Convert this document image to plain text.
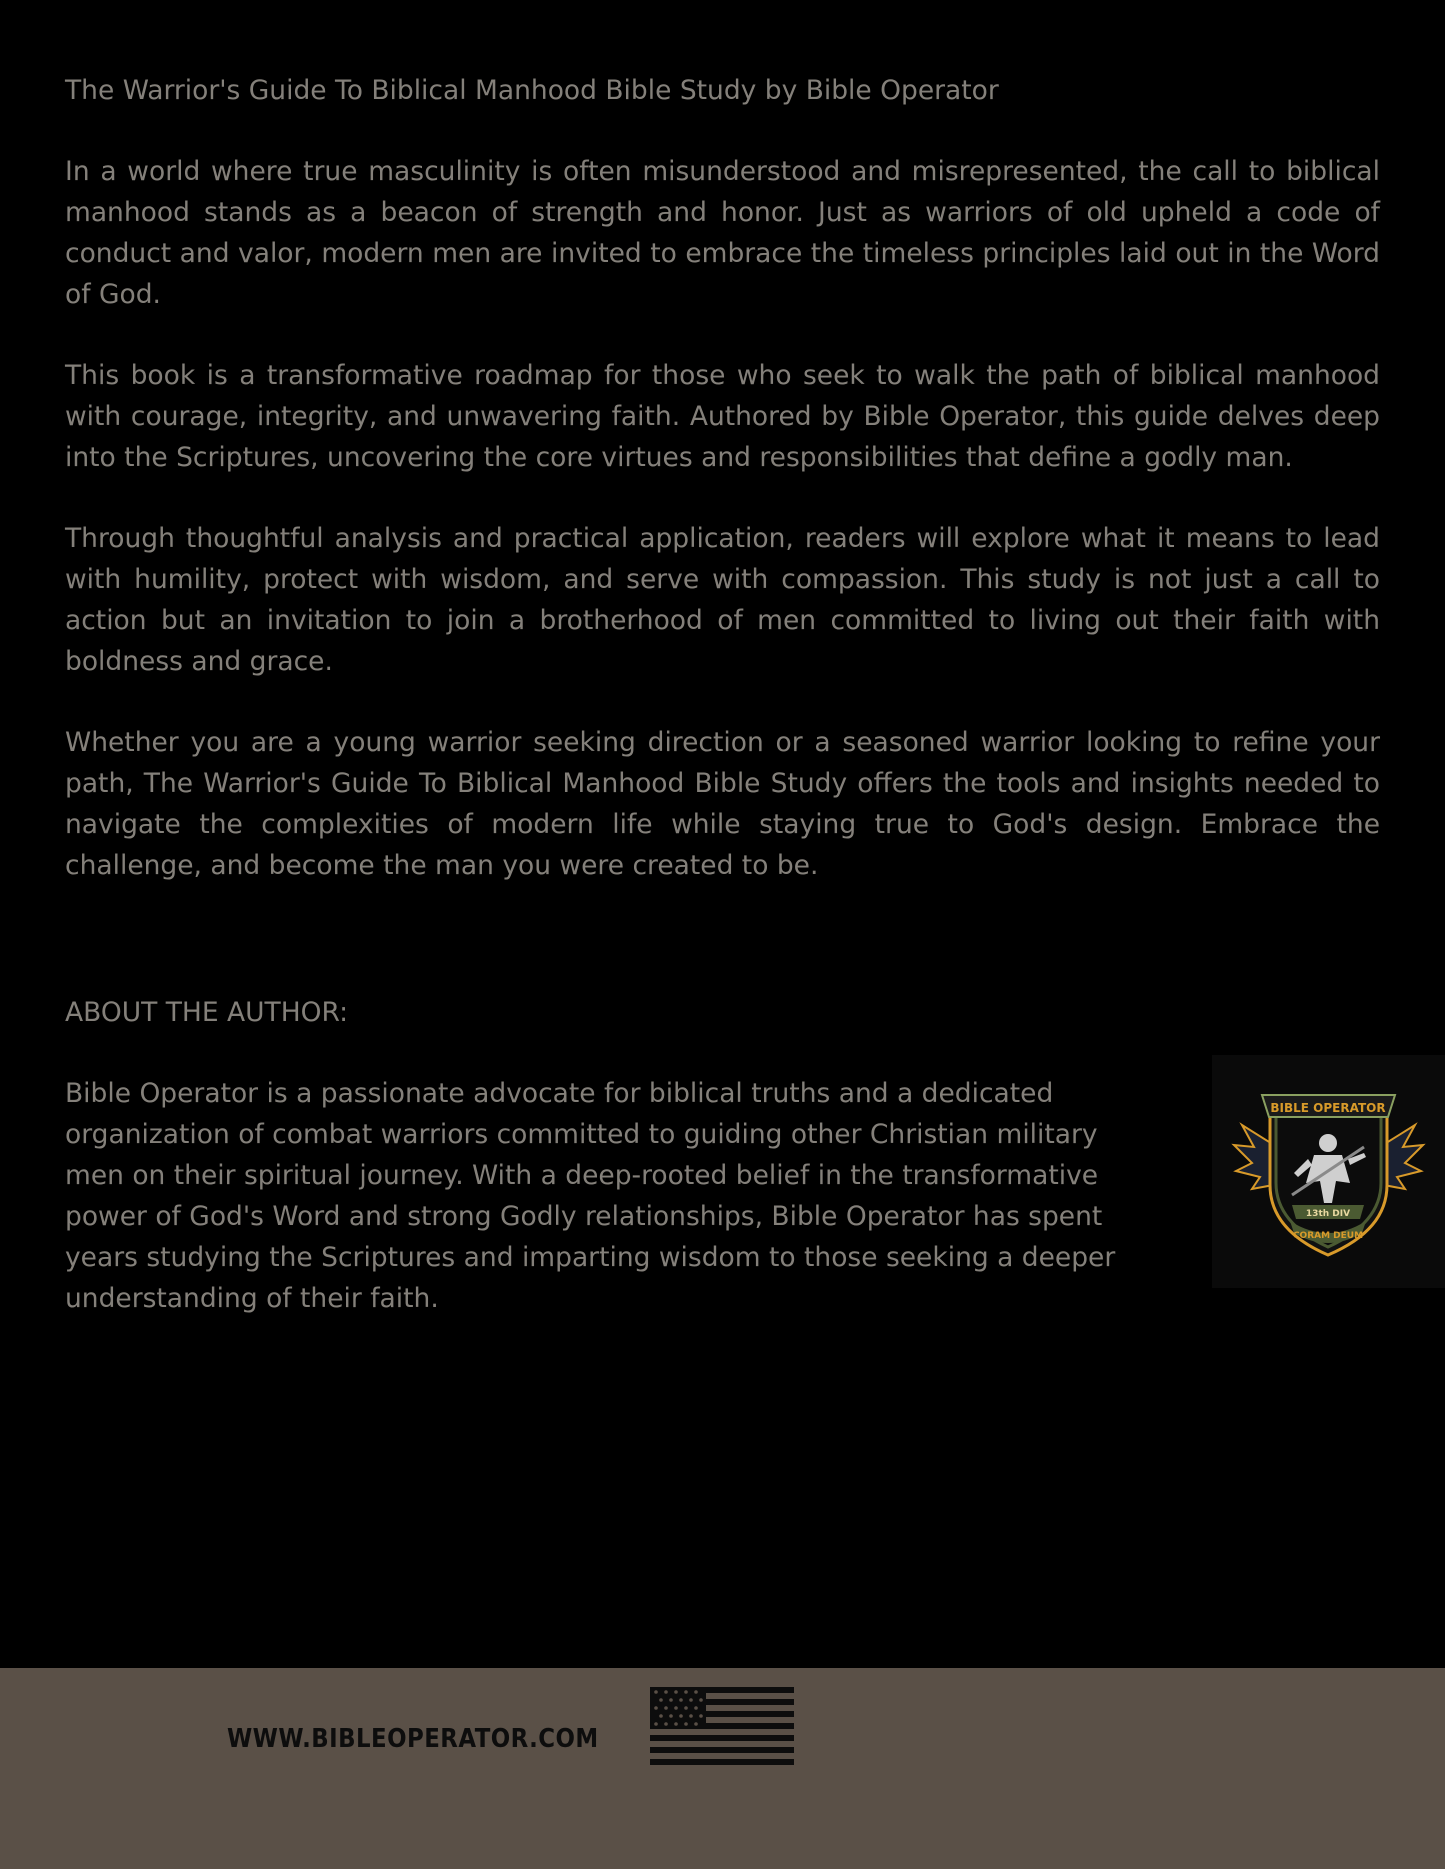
The Warrior's Guide To Biblical Manhood Bible Study by Bible Operator

In a world where true masculinity is often misunderstood and misrepresented, the call to biblical manhood stands as a beacon of strength and honor. Just as warriors of old upheld a code of conduct and valor, modern men are invited to embrace the timeless principles laid out in the Word of God.

This book is a transformative roadmap for those who seek to walk the path of biblical manhood with courage, integrity, and unwavering faith. Authored by Bible Operator, this guide delves deep into the Scriptures, uncovering the core virtues and responsibilities that define a godly man.

Through thoughtful analysis and practical application, readers will explore what it means to lead with humility, protect with wisdom, and serve with compassion. This study is not just a call to action but an invitation to join a brotherhood of men committed to living out their faith with boldness and grace.

Whether you are a young warrior seeking direction or a seasoned warrior looking to refine your path, The Warrior's Guide To Biblical Manhood Bible Study offers the tools and insights needed to navigate the complexities of modern life while staying true to God's design. Embrace the challenge, and become the man you were created to be.

ABOUT THE AUTHOR:

Bible Operator is a passionate advocate for biblical truths and a dedicated organization of combat warriors committed to guiding other Christian military men on their spiritual journey. With a deep-rooted belief in the transformative power of God's Word and strong Godly relationships, Bible Operator has spent years studying the Scriptures and imparting wisdom to those seeking a deeper understanding of their faith.

BIBLE OPERATOR
13th DIV
CORAM DEUM
WWW.BIBLEOPERATOR.COM
